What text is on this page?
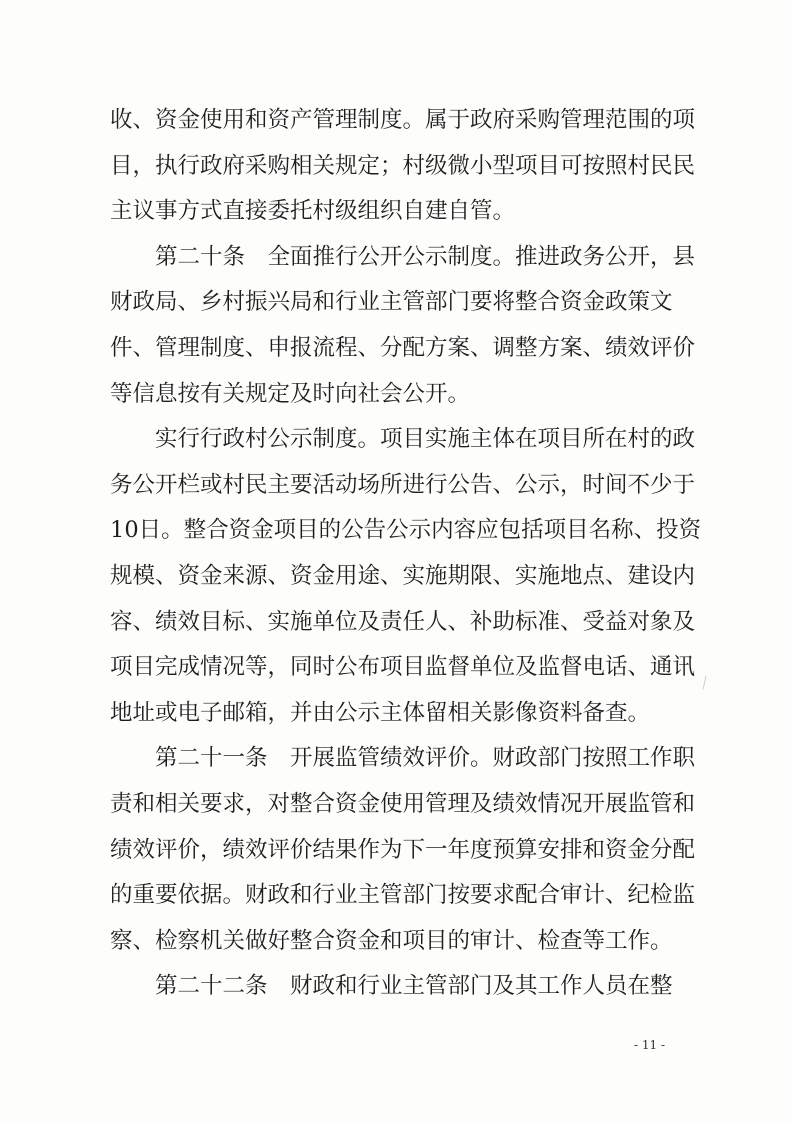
收、资金使用和资产管理制度。属于政府采购管理范围的项
目，执行政府采购相关规定；村级微小型项目可按照村民民
主议事方式直接委托村级组织自建自管。
第二十条　全面推行公开公示制度。推进政务公开，县
财政局、乡村振兴局和行业主管部门要将整合资金政策文
件、管理制度、申报流程、分配方案、调整方案、绩效评价
等信息按有关规定及时向社会公开。
实行行政村公示制度。项目实施主体在项目所在村的政
务公开栏或村民主要活动场所进行公告、公示，时间不少于
10日。整合资金项目的公告公示内容应包括项目名称、投资
规模、资金来源、资金用途、实施期限、实施地点、建设内
容、绩效目标、实施单位及责任人、补助标准、受益对象及
项目完成情况等，同时公布项目监督单位及监督电话、通讯
地址或电子邮箱，并由公示主体留相关影像资料备查。
第二十一条　开展监管绩效评价。财政部门按照工作职
责和相关要求，对整合资金使用管理及绩效情况开展监管和
绩效评价，绩效评价结果作为下一年度预算安排和资金分配
的重要依据。财政和行业主管部门按要求配合审计、纪检监
察、检察机关做好整合资金和项目的审计、检查等工作。
第二十二条　财政和行业主管部门及其工作人员在整
- 11 -
